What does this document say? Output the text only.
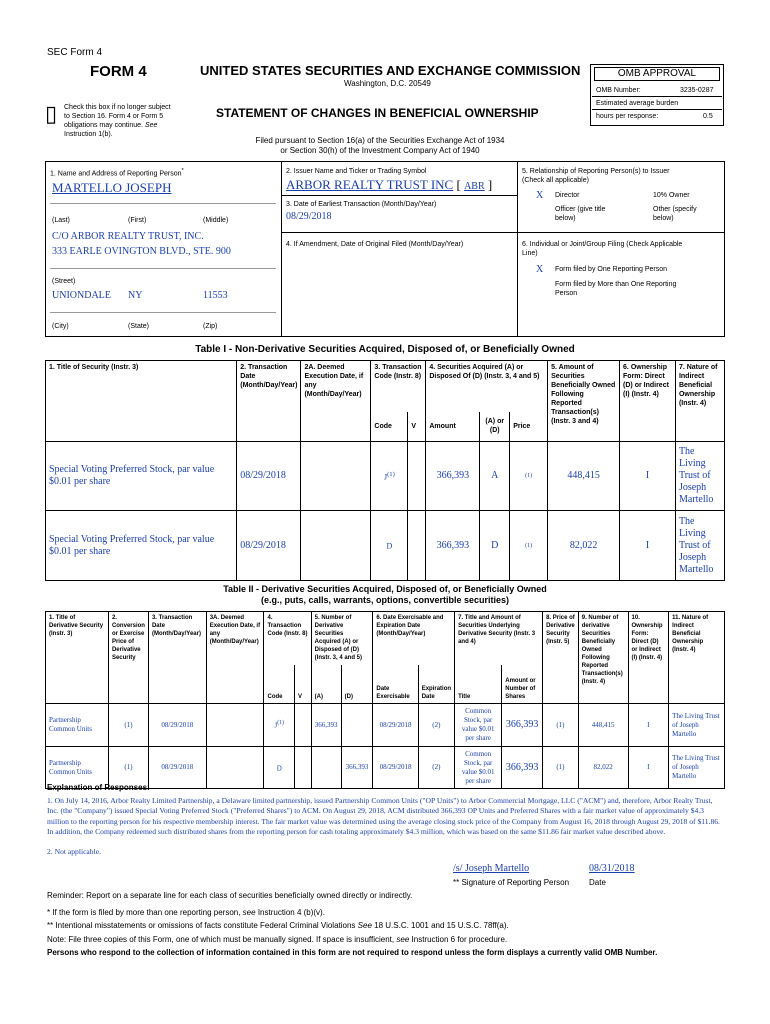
SEC Form 4
FORM 4	UNITED STATES SECURITIES AND EXCHANGE COMMISSION
Washington, D.C. 20549
▯ Check this box if no longer subject
to Section 16. Form 4 or Form 5
obligations may continue. See
Instruction 1(b).
STATEMENT OF CHANGES IN BENEFICIAL OWNERSHIP
Filed pursuant to Section 16(a) of the Securities Exchange Act of 1934
or Section 30(h) of the Investment Company Act of 1940
OMB APPROVAL
OMB Number:	3235-0287
Estimated average burden
hours per response:	0.5
1. Name and Address of Reporting Person*
MARTELLO JOSEPH
(Last)	(First)	(Middle)
C/O ARBOR REALTY TRUST, INC.
333 EARLE OVINGTON BLVD., STE. 900
(Street)
UNIONDALE NY	11553
(City)	(State)	(Zip)
2. Issuer Name and Ticker or Trading Symbol
ARBOR REALTY TRUST INC [ ABR ]
3. Date of Earliest Transaction (Month/Day/Year)
08/29/2018
4. If Amendment, Date of Original Filed (Month/Day/Year)
5. Relationship of Reporting Person(s) to Issuer
(Check all applicable)
X Director	10% Owner
Officer (give title
below)
Other (specify
below)
6. Individual or Joint/Group Filing (Check Applicable
Line)
X Form filed by One Reporting Person
Form filed by More than One Reporting
Person
Table I - Non-Derivative Securities Acquired, Disposed of, or Beneficially Owned
1. Title of Security (Instr. 3)	2. Transaction Date (Month/Day/Year)	2A. Deemed Execution Date, if any (Month/Day/Year)	3. Transaction Code (Instr. 8)		4. Securities Acquired (A) or Disposed Of (D) (Instr. 3, 4 and 5)			5. Amount of Securities Beneficially Owned Following Reported Transaction(s) (Instr. 3 and 4)	6. Ownership Form: Direct (D) or Indirect (I) (Instr. 4)	7. Nature of Indirect Beneficial Ownership (Instr. 4)
			Code	V	Amount	(A) or (D)	Price			
Special Voting Preferred Stock, par value $0.01 per share	08/29/2018		$J^{(1)}$		366,393	A	(1)	448,415	I	The Living Trust of Joseph Martello
Special Voting Preferred Stock, par value $0.01 per share	08/29/2018		D		366,393	D	(1)	82,022	I	The Living Trust of Joseph Martello
Table II - Derivative Securities Acquired, Disposed of, or Beneficially Owned
(e.g., puts, calls, warrants, options, convertible securities)
1. Title of Derivative Security (Instr. 3)	2. Conversion or Exercise Price of Derivative Security	3. Transaction Date (Month/Day/Year)	3A. Deemed Execution Date, if any (Month/Day/Year)	4. Transaction Code (Instr. 8)		5. Number of Derivative Securities Acquired (A) or Disposed of (D) (Instr. 3, 4 and 5)		6. Date Exercisable and Expiration Date (Month/Day/Year)		7. Title and Amount of Securities Underlying Derivative Security (Instr. 3 and 4)		8. Price of Derivative Security (Instr. 5)	9. Number of derivative Securities Beneficially Owned Following Reported Transaction(s) (Instr. 4)	10. Ownership Form: Direct (D) or Indirect (I) (Instr. 4)	11. Nature of Indirect Beneficial Ownership (Instr. 4)
				Code	V	(A)	(D)	Date Exercisable	Expiration Date	Title	Amount or Number of Shares				
Partnership Common Units	(1)	08/29/2018		$J^{(1)}$		366,393		08/29/2018	(2)	Common Stock, par value $0.01 per share	366,393	(1)	448,415	I	The Living Trust of Joseph Martello
Partnership Common Units	(1)	08/29/2018		D			366,393	08/29/2018	(2)	Common Stock, par value $0.01 per share	366,393	(1)	82,022	I	The Living Trust of Joseph Martello
Explanation of Responses:
1. On July 14, 2016, Arbor Realty Limited Partnership, a Delaware limited partnership, issued Partnership Common Units ("OP Units") to Arbor Commercial Mortgage, LLC ("ACM") and, therefore, Arbor Realty Trust, Inc. (the "Company") issued Special Voting Preferred Stock ("Preferred Shares") to ACM. On August 29, 2018, ACM distributed 366,393 OP Units and Preferred Shares with a fair market value of approximately $4.3 million to the reporting person for his respective membership interest. The fair market value was determined using the average closing stock price of the Company from August 16, 2018 through August 29, 2018 of $11.86. In addition, the Company redeemed such distributed shares from the reporting person for cash totaling approximately $4.3 million, which was based on the same $11.86 fair market value described above.
2. Not applicable.
/s/ Joseph Martello	08/31/2018
** Signature of Reporting Person Date
Reminder: Report on a separate line for each class of securities beneficially owned directly or indirectly.
* If the form is filed by more than one reporting person, see Instruction 4 (b)(v).
** Intentional misstatements or omissions of facts constitute Federal Criminal Violations See 18 U.S.C. 1001 and 15 U.S.C. 78ff(a).
Note: File three copies of this Form, one of which must be manually signed. If space is insufficient, see Instruction 6 for procedure.
Persons who respond to the collection of information contained in this form are not required to respond unless the form displays a currently valid OMB Number.
